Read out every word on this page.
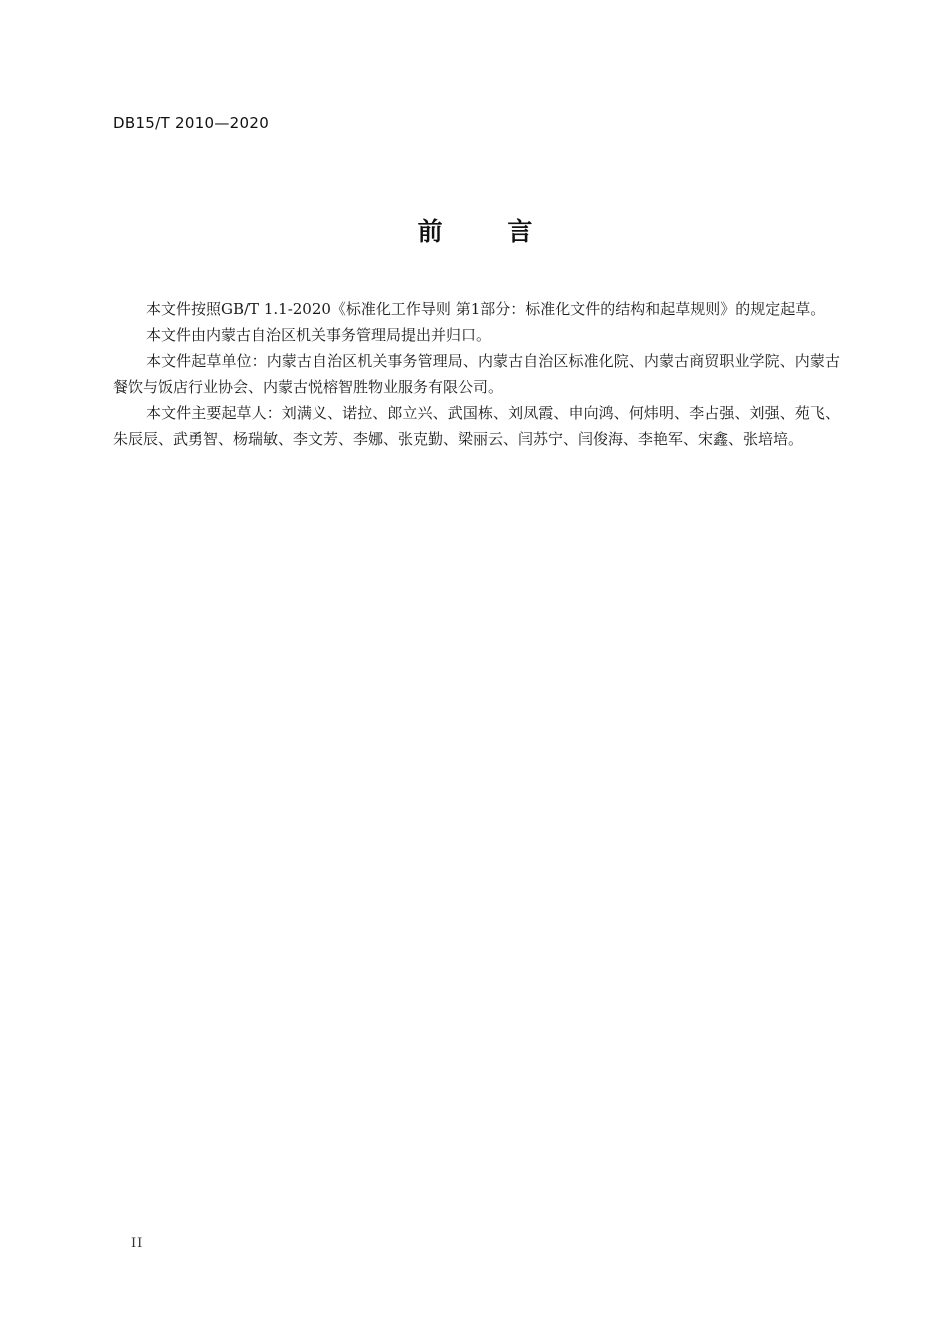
DB15/T 2010—2020
前 言

本文件按照GB/T 1.1-2020《标准化工作导则 第1部分：标准化文件的结构和起草规则》的规定起草。

本文件由内蒙古自治区机关事务管理局提出并归口。

本文件起草单位：内蒙古自治区机关事务管理局、内蒙古自治区标准化院、内蒙古商贸职业学院、内蒙古餐饮与饭店行业协会、内蒙古悦榕智胜物业服务有限公司。

本文件主要起草人：刘满义、诺拉、郎立兴、武国栋、刘凤霞、申向鸿、何炜明、李占强、刘强、苑飞、朱辰辰、武勇智、杨瑞敏、李文芳、李娜、张克勤、梁丽云、闫苏宁、闫俊海、李艳军、宋鑫、张培培。

II
